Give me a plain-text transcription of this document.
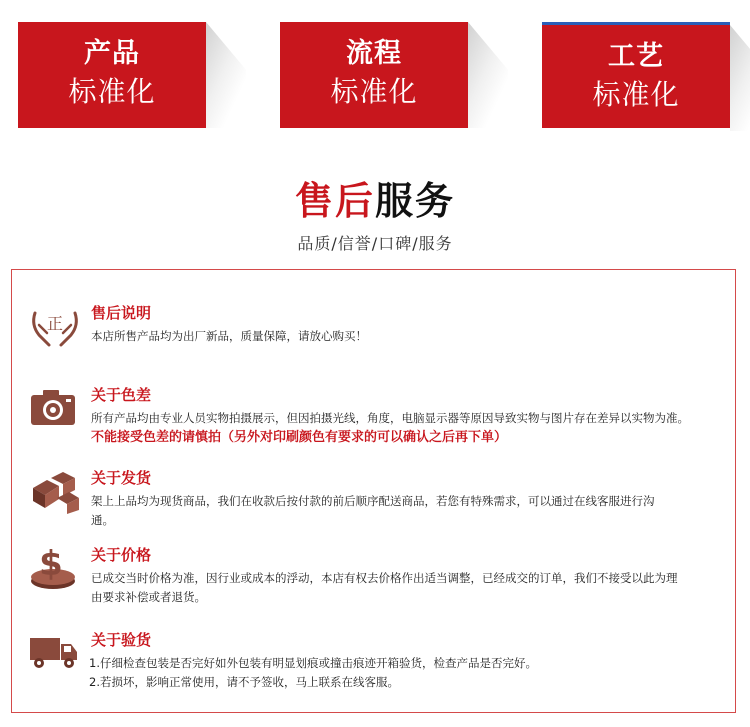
产品
标准化
流程
标准化
工艺
标准化
售后服务
品质/信誉/口碑/服务
正
售后说明
本店所售产品均为出厂新品，质量保障，请放心购买！
关于色差
所有产品均由专业人员实物拍摄展示，但因拍摄光线，角度，电脑显示器等原因导致实物与图片存在差异以实物为准。不能接受色差的请慎拍（另外对印刷颜色有要求的可以确认之后再下单）
关于发货
架上上品均为现货商品，我们在收款后按付款的前后顺序配送商品，若您有特殊需求，可以通过在线客服进行沟通。
$ 关于价格
已成交当时价格为准，因行业或成本的浮动，本店有权去价格作出适当调整，已经成交的订单，我们不接受以此为理由要求补偿或者退货。
关于验货
1.仔细检查包装是否完好如外包装有明显划痕或撞击痕迹开箱验货，检查产品是否完好。
2.若损坏，影响正常使用，请不予签收，马上联系在线客服。
